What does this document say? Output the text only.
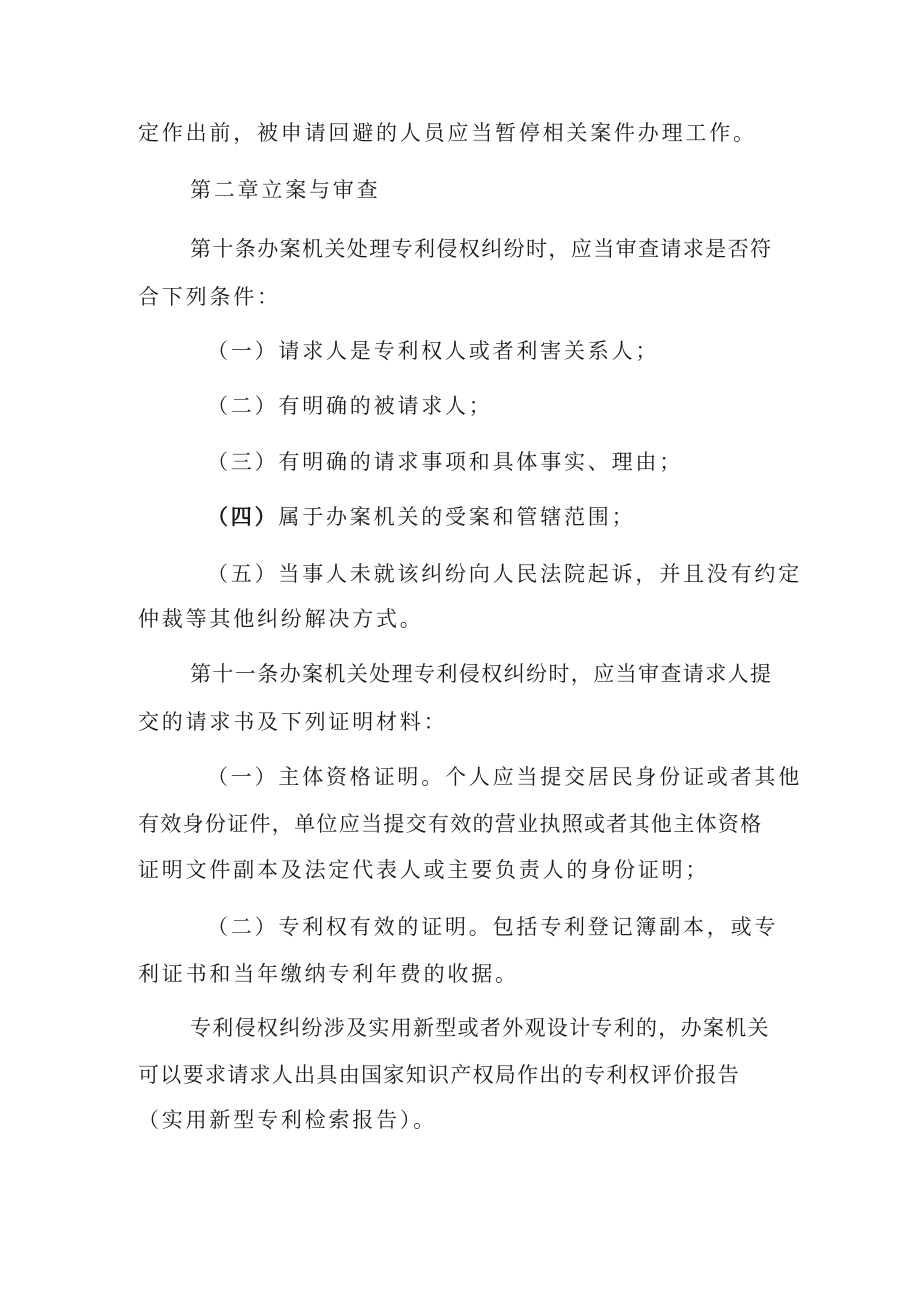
定作出前，被申请回避的人员应当暂停相关案件办理工作。
第二章立案与审查
第十条办案机关处理专利侵权纠纷时，应当审查请求是否符
合下列条件：
（一）请求人是专利权人或者利害关系人；
（二）有明确的被请求人；
（三）有明确的请求事项和具体事实、理由；
（四）属于办案机关的受案和管辖范围；
（五）当事人未就该纠纷向人民法院起诉，并且没有约定
仲裁等其他纠纷解决方式。
第十一条办案机关处理专利侵权纠纷时，应当审查请求人提
交的请求书及下列证明材料：
（一）主体资格证明。个人应当提交居民身份证或者其他
有效身份证件，单位应当提交有效的营业执照或者其他主体资格
证明文件副本及法定代表人或主要负责人的身份证明；
（二）专利权有效的证明。包括专利登记簿副本，或专
利证书和当年缴纳专利年费的收据。
专利侵权纠纷涉及实用新型或者外观设计专利的，办案机关
可以要求请求人出具由国家知识产权局作出的专利权评价报告
（实用新型专利检索报告）。
